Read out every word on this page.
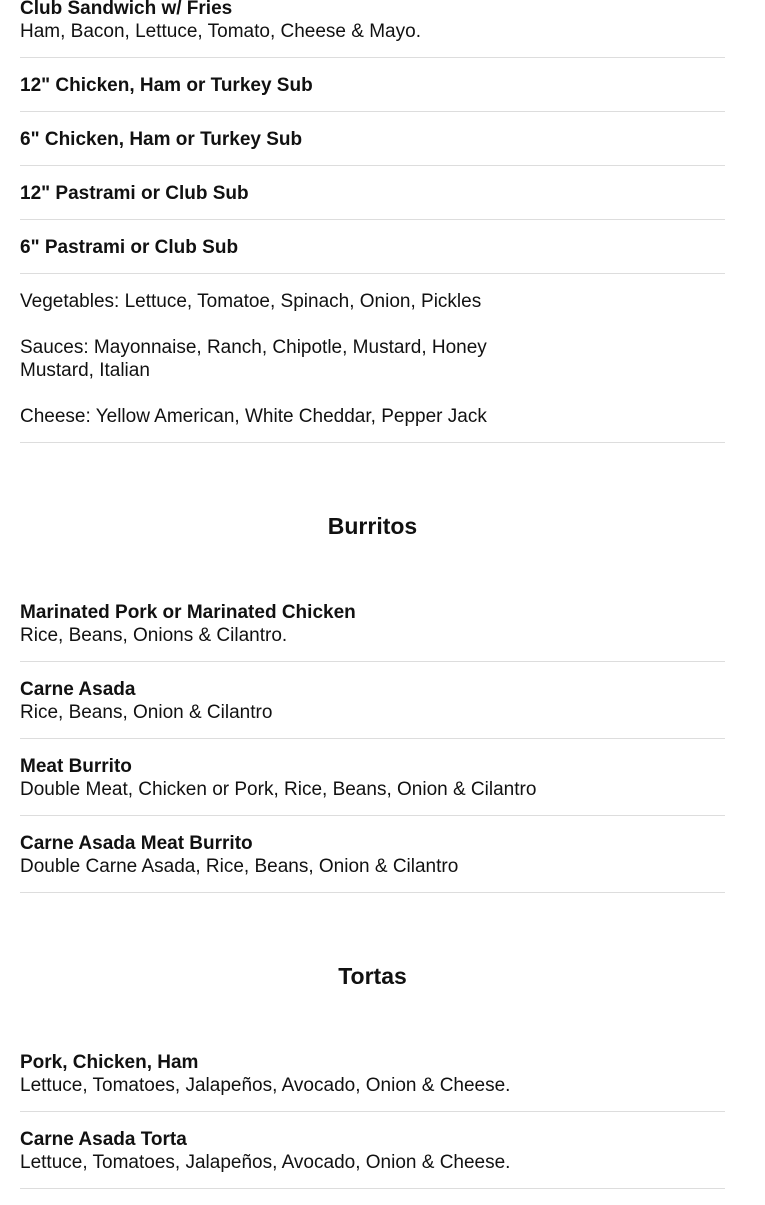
Club Sandwich w/ Fries

Ham, Bacon, Lettuce, Tomato, Cheese & Mayo.

12" Chicken, Ham or Turkey Sub

6" Chicken, Ham or Turkey Sub

12" Pastrami or Club Sub

6" Pastrami or Club Sub

Vegetables: Lettuce, Tomatoe, Spinach, Onion, Pickles

Sauces: Mayonnaise, Ranch, Chipotle, Mustard, Honey Mustard, Italian

Cheese: Yellow American, White Cheddar, Pepper Jack

Burritos

Marinated Pork or Marinated Chicken

Rice, Beans, Onions & Cilantro.

Carne Asada

Rice, Beans, Onion & Cilantro

Meat Burrito

Double Meat, Chicken or Pork, Rice, Beans, Onion & Cilantro

Carne Asada Meat Burrito

Double Carne Asada, Rice, Beans, Onion & Cilantro

Tortas

Pork, Chicken, Ham

Lettuce, Tomatoes, Jalapeños, Avocado, Onion & Cheese.

Carne Asada Torta

Lettuce, Tomatoes, Jalapeños, Avocado, Onion & Cheese.
